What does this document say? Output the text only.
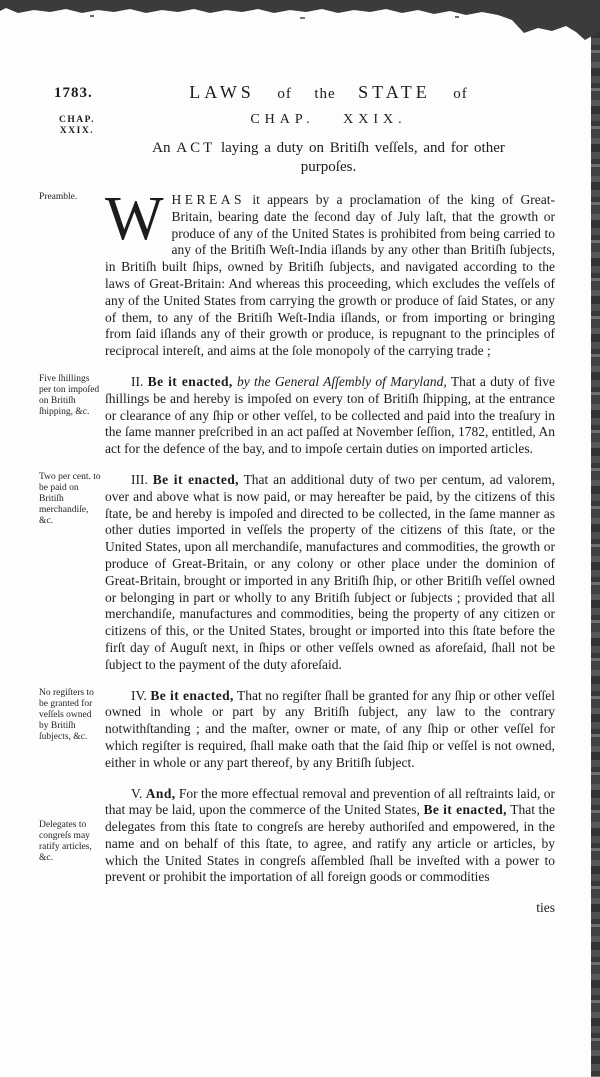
1783.
CHAP.
XXIX.
LAWS of the STATE of
CHAP. XXIX.
An ACT laying a duty on Britiſh veſſels, and for other purpoſes.
Preamble. WHEREAS it appears by a proclamation of the king of Great-Britain, bearing date the ſecond day of July laſt, that the growth or produce of any of the United States is prohibited from being carried to any of the Britiſh Weſt-India iſlands by any other than Britiſh ſubjects, in Britiſh built ſhips, owned by Britiſh ſubjects, and navigated according to the laws of Great-Britain: And whereas this proceeding, which excludes the veſſels of any of the United States from carrying the growth or produce of ſaid States, or any of them, to any of the Britiſh Weſt-India iſlands, or from importing or bringing from ſaid iſlands any of their growth or produce, is repugnant to the principles of reciprocal intereſt, and aims at the ſole monopoly of the carrying trade ;

Five ſhillings per ton impoſed on Britiſh ſhipping, &c.

II. Be it enacted, by the General Aſſembly of Maryland, That a duty of five ſhillings be and hereby is impoſed on every ton of Britiſh ſhipping, at the entrance or clearance of any ſhip or other veſſel, to be collected and paid into the treaſury in the ſame manner preſcribed in an act paſſed at November ſeſſion, 1782, entitled, An act for the defence of the bay, and to impoſe certain duties on imported articles.

Two per cent. to be paid on Britiſh merchandiſe, &c.

III. Be it enacted, That an additional duty of two per centum, ad valorem, over and above what is now paid, or may hereafter be paid, by the citizens of this ſtate, be and hereby is impoſed and directed to be collected, in the ſame manner as other duties imported in veſſels the property of the citizens of this ſtate, or the United States, upon all merchandiſe, manufactures and commodities, the growth or produce of Great-Britain, or any colony or other place under the dominion of Great-Britain, brought or imported in any Britiſh ſhip, or other Britiſh veſſel owned or belonging in part or wholly to any Britiſh ſubject or ſubjects ; provided that all merchandiſe, manufactures and commodities, being the property of any citizen or citizens of this, or the United States, brought or imported into this ſtate before the firſt day of Auguſt next, in ſhips or other veſſels owned as aforeſaid, ſhall not be ſubject to the payment of the duty aforeſaid.

No regiſters to be granted for veſſels owned by Britiſh ſubjects, &c.

IV. Be it enacted, That no regiſter ſhall be granted for any ſhip or other veſſel owned in whole or part by any Britiſh ſubject, any law to the contrary notwithſtanding ; and the maſter, owner or mate, of any ſhip or other veſſel for which regiſter is required, ſhall make oath that the ſaid ſhip or veſſel is not owned, either in whole or any part thereof, by any Britiſh ſubject.

Delegates to congreſs may ratify articles, &c.

V. And, For the more effectual removal and prevention of all reſtraints laid, or that may be laid, upon the commerce of the United States, Be it enacted, That the delegates from this ſtate to congreſs are hereby authoriſed and empowered, in the name and on behalf of this ſtate, to agree, and ratify any article or articles, by which the United States in congreſs aſſembled ſhall be inveſted with a power to prevent or prohibit the importation of all foreign goods or commodities

ties
